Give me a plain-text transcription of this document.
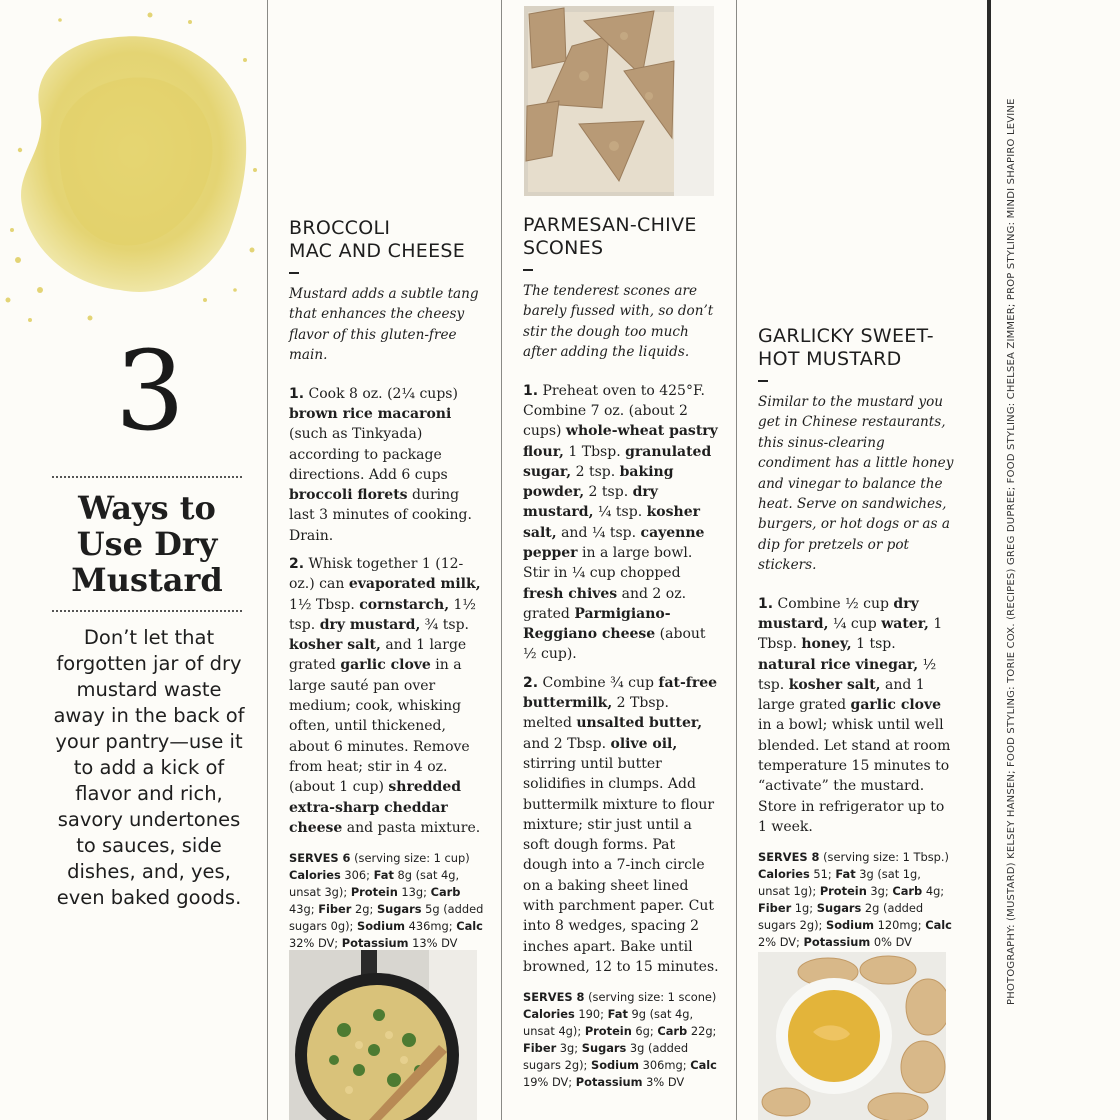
3
Ways to Use Dry Mustard
Don’t let that forgotten jar of dry mustard waste away in the back of your pantry—use it to add a kick of flavor and rich, savory undertones to sauces, side dishes, and, yes, even baked goods.
BROCCOLI
MAC AND CHEESE

Mustard adds a subtle tang that enhances the cheesy flavor of this gluten-free main.

1. Cook 8 oz. (2¼ cups) brown rice macaroni (such as Tinkyada) according to package directions. Add 6 cups broccoli florets during last 3 minutes of cooking. Drain.

2. Whisk together 1 (12-oz.) can evaporated milk, 1½ Tbsp. cornstarch, 1½ tsp. dry mustard, ¾ tsp. kosher salt, and 1 large grated garlic clove in a large sauté pan over medium; cook, whisking often, until thickened, about 6 minutes. Remove from heat; stir in 4 oz. (about 1 cup) shredded extra-sharp cheddar cheese and pasta mixture.

SERVES 6 (serving size: 1 cup) Calories 306; Fat 8g (sat 4g, unsat 3g); Protein 13g; Carb 43g; Fiber 2g; Sugars 5g (added sugars 0g); Sodium 436mg; Calc 32% DV; Potassium 13% DV
PARMESAN-CHIVE
SCONES

The tenderest scones are barely fussed with, so don’t stir the dough too much after adding the liquids.

1. Preheat oven to 425°F. Combine 7 oz. (about 2 cups) whole-wheat pastry flour, 1 Tbsp. granulated sugar, 2 tsp. baking powder, 2 tsp. dry mustard, ¼ tsp. kosher salt, and ¼ tsp. cayenne pepper in a large bowl. Stir in ¼ cup chopped fresh chives and 2 oz. grated Parmigiano-Reggiano cheese (about ½ cup).

2. Combine ¾ cup fat-free buttermilk, 2 Tbsp. melted unsalted butter, and 2 Tbsp. olive oil, stirring until butter solidifies in clumps. Add buttermilk mixture to flour mixture; stir just until a soft dough forms. Pat dough into a 7-inch circle on a baking sheet lined with parchment paper. Cut into 8 wedges, spacing 2 inches apart. Bake until browned, 12 to 15 minutes.

SERVES 8 (serving size: 1 scone) Calories 190; Fat 9g (sat 4g, unsat 4g); Protein 6g; Carb 22g; Fiber 3g; Sugars 3g (added sugars 2g); Sodium 306mg; Calc 19% DV; Potassium 3% DV
GARLICKY SWEET-
HOT MUSTARD

Similar to the mustard you get in Chinese restaurants, this sinus-clearing condiment has a little honey and vinegar to balance the heat. Serve on sandwiches, burgers, or hot dogs or as a dip for pretzels or pot stickers.

1. Combine ½ cup dry mustard, ¼ cup water, 1 Tbsp. honey, 1 tsp. natural rice vinegar, ½ tsp. kosher salt, and 1 large grated garlic clove in a bowl; whisk until well blended. Let stand at room temperature 15 minutes to “activate” the mustard. Store in refrigerator up to 1 week.

SERVES 8 (serving size: 1 Tbsp.) Calories 51; Fat 3g (sat 1g, unsat 1g); Protein 3g; Carb 4g; Fiber 1g; Sugars 2g (added sugars 2g); Sodium 120mg; Calc 2% DV; Potassium 0% DV	PHOTOGRAPHY: (MUSTARD) KELSEY HANSEN; FOOD STYLING: TORIE COX. (RECIPES) GREG DUPREE; FOOD STYLING: CHELSEA ZIMMER; PROP STYLING: MINDI SHAPIRO LEVINE
